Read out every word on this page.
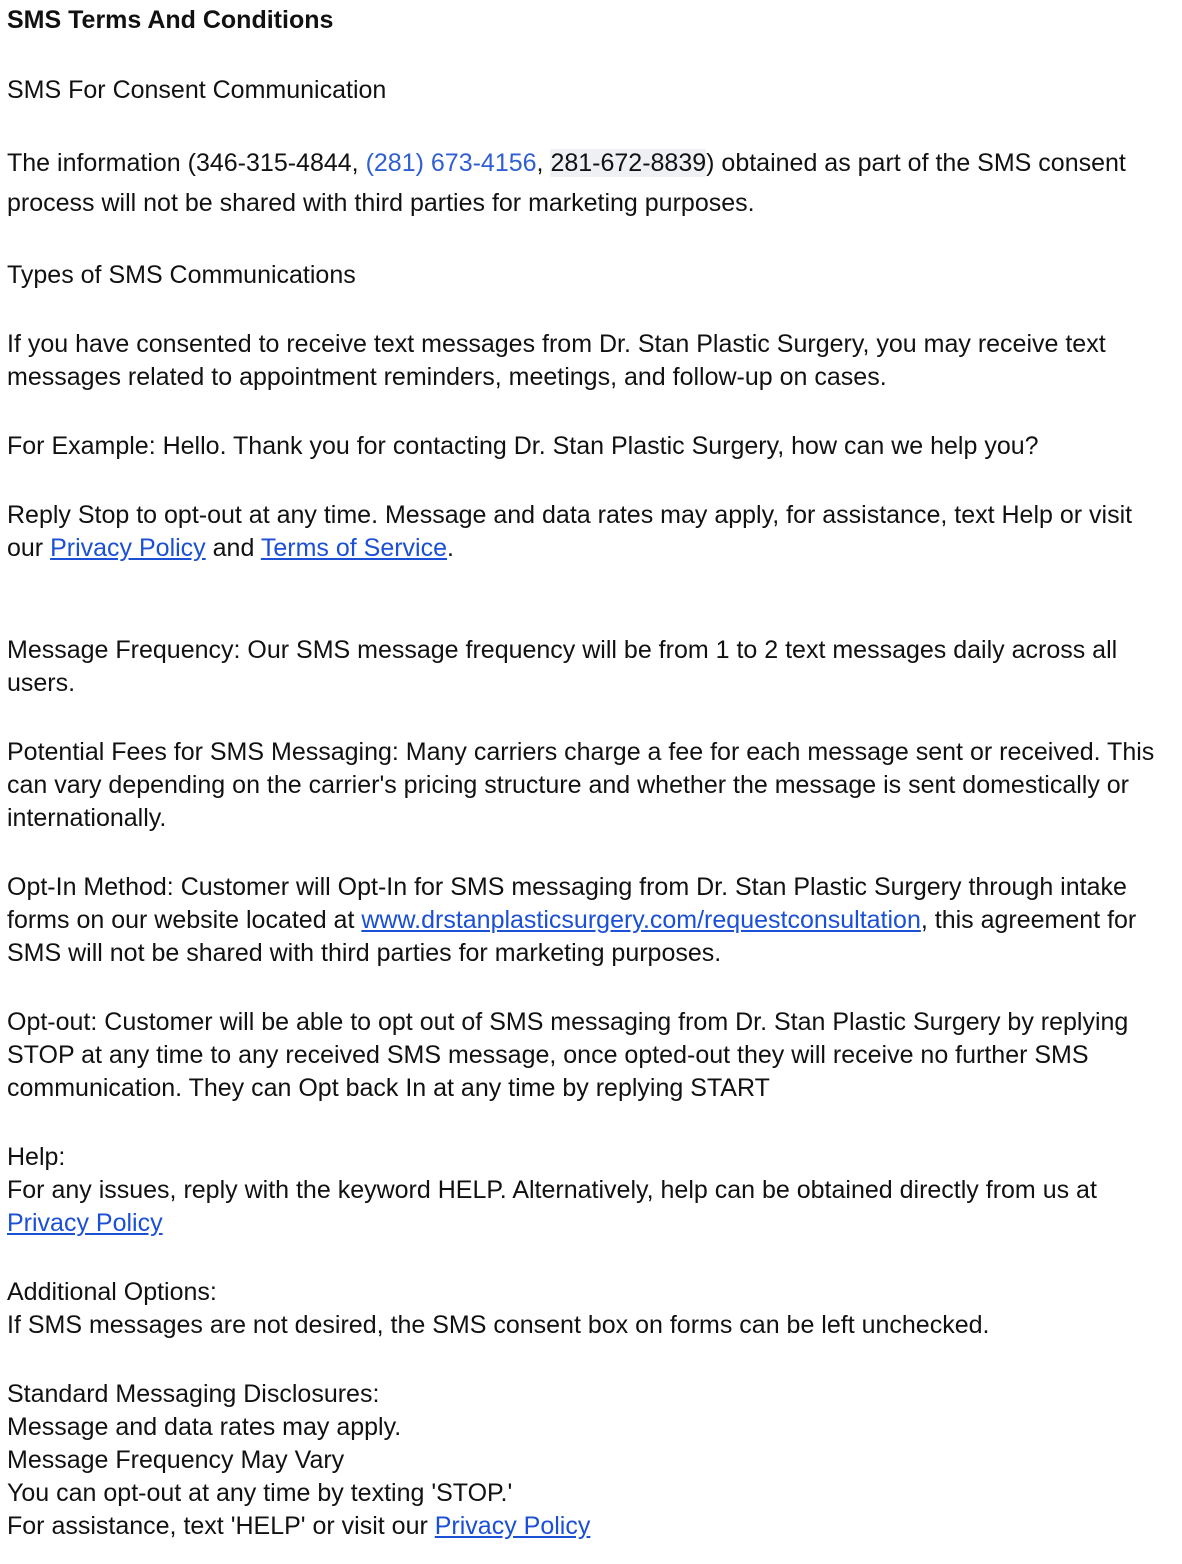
SMS Terms And Conditions

SMS For Consent Communication

The information (346-315-4844, (281) 673-4156, 281-672-8839) obtained as part of the SMS consent process will not be shared with third parties for marketing purposes.

Types of SMS Communications

If you have consented to receive text messages from Dr. Stan Plastic Surgery, you may receive text messages related to appointment reminders, meetings, and follow-up on cases.

For Example: Hello. Thank you for contacting Dr. Stan Plastic Surgery, how can we help you?

Reply Stop to opt-out at any time. Message and data rates may apply, for assistance, text Help or visit our Privacy Policy and Terms of Service.

Message Frequency: Our SMS message frequency will be from 1 to 2 text messages daily across all users.

Potential Fees for SMS Messaging: Many carriers charge a fee for each message sent or received. This can vary depending on the carrier's pricing structure and whether the message is sent domestically or internationally.

Opt-In Method: Customer will Opt-In for SMS messaging from Dr. Stan Plastic Surgery through intake forms on our website located at www.drstanplasticsurgery.com/requestconsultation, this agreement for SMS will not be shared with third parties for marketing purposes.

Opt-out: Customer will be able to opt out of SMS messaging from Dr. Stan Plastic Surgery by replying STOP at any time to any received SMS message, once opted-out they will receive no further SMS communication. They can Opt back In at any time by replying START

Help:

For any issues, reply with the keyword HELP. Alternatively, help can be obtained directly from us at Privacy Policy

Additional Options:

If SMS messages are not desired, the SMS consent box on forms can be left unchecked.

Standard Messaging Disclosures:

Message and data rates may apply.

Message Frequency May Vary

You can opt-out at any time by texting 'STOP.'

For assistance, text 'HELP' or visit our Privacy Policy
